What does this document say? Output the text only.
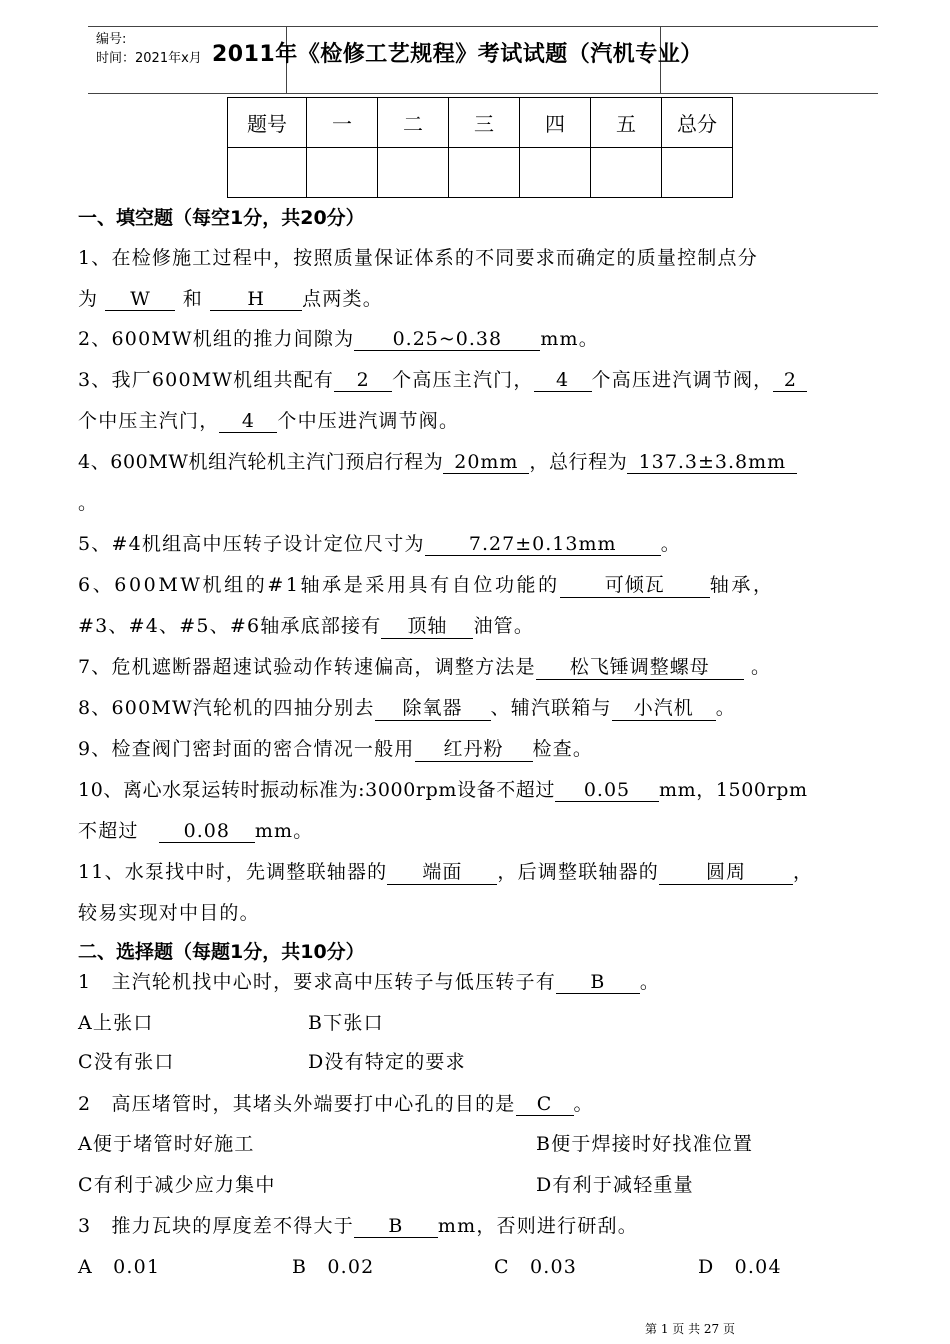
编号:
时间：2021年x月 2011年《检修工艺规程》考试试题（汽机专业）
题号	一	二	三	四	五	总分

一、填空题（每空1分，共20分）
1、在检修施工过程中，按照质量保证体系的不同要求而确定的质量控制点分
为 W 和 H 点两类。
2、600MW机组的推力间隙为 0.25~0.38 mm。
3、我厂600MW机组共配有 2 个高压主汽门， 4 个高压进汽调节阀， 2
个中压主汽门， 4 个中压进汽调节阀。
4、600MW机组汽轮机主汽门预启行程为 20mm ，总行程为 137.3±3.8mm
。
5、#4机组高中压转子设计定位尺寸为 7.27±0.13mm 。
6、600MW机组的#1轴承是采用具有自位功能的 可倾瓦 轴承，
#3、#4、#5、#6轴承底部接有 顶轴 油管。
7、危机遮断器超速试验动作转速偏高，调整方法是 松飞锤调整螺母 。
8、600MW汽轮机的四抽分别去 除氧器 、辅汽联箱与 小汽机 。
9、检查阀门密封面的密合情况一般用 红丹粉 检查。
10、离心水泵运转时振动标准为:3000rpm设备不超过 0.05 mm，1500rpm
不超过　 0.08 mm。
11、水泵找中时，先调整联轴器的 端面 ，后调整联轴器的 圆周 ，
较易实现对中目的。
二、选择题（每题1分，共10分）
1　主汽轮机找中心时，要求高中压转子与低压转子有 B 。
A上张口	B下张口
C没有张口	D没有特定的要求
2　高压堵管时，其堵头外端要打中心孔的目的是 C 。
A便于堵管时好施工	B便于焊接时好找准位置
C有利于减少应力集中	D有利于减轻重量
3　推力瓦块的厚度差不得大于 B mm，否则进行研刮。
A　0.01	B　0.02	C　0.03	D　0.04
第 1 页 共 27 页
